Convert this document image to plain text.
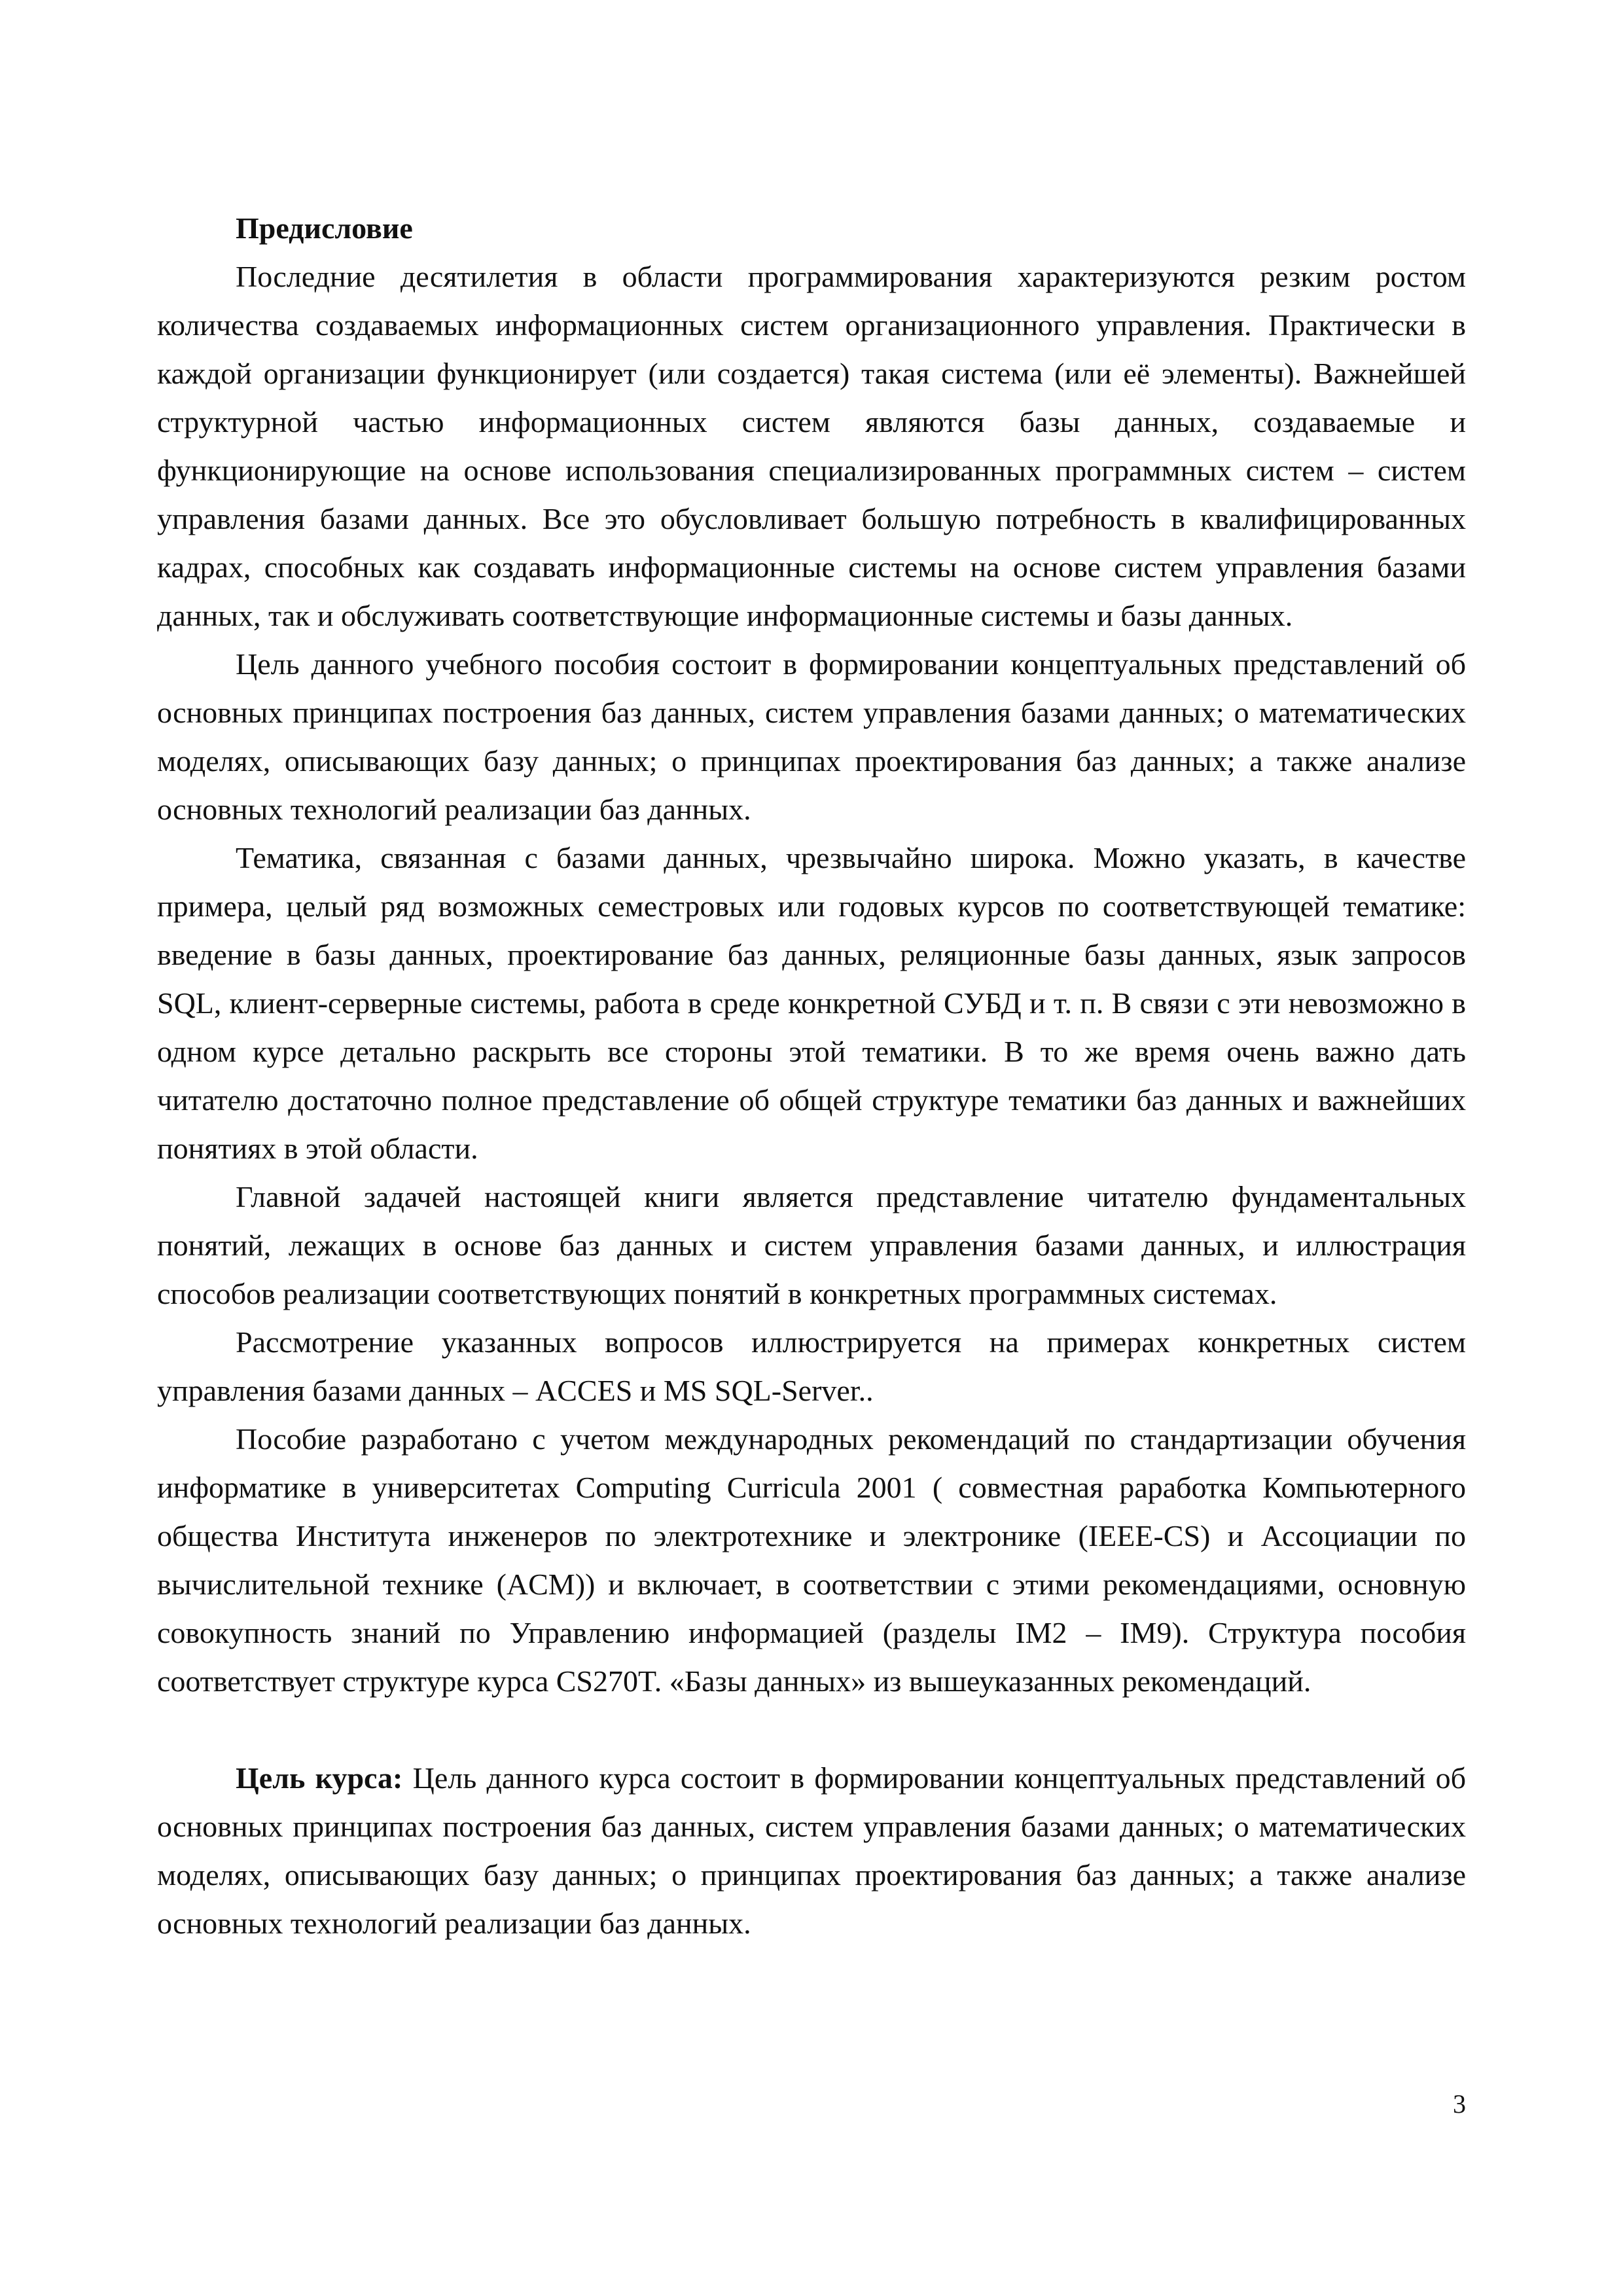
Предисловие

Последние десятилетия в области программирования характеризуются резким ростом количества создаваемых информационных систем организационного управления. Практически в каждой организации функционирует (или создается) такая система (или её элементы). Важнейшей структурной частью информационных систем являются базы данных, создаваемые и функционирующие на основе использования специализированных программных систем – систем управления базами данных. Все это обусловливает большую потребность в квалифицированных кадрах, способных как создавать информационные системы на основе систем управления базами данных, так и обслуживать соответствующие информационные системы и базы данных.

Цель данного учебного пособия состоит в формировании концептуальных представлений об основных принципах построения баз данных, систем управления базами данных; о математических моделях, описывающих базу данных; о принципах проектирования баз данных; а также анализе основных технологий реализации баз данных.

Тематика, связанная с базами данных, чрезвычайно широка. Можно указать, в качестве примера, целый ряд возможных семестровых или годовых курсов по соответствующей тематике: введение в базы данных, проектирование баз данных, реляционные базы данных, язык запросов SQL, клиент-серверные системы, работа в среде конкретной СУБД и т. п. В связи с эти невозможно в одном курсе детально раскрыть все стороны этой тематики. В то же время очень важно дать читателю достаточно полное представление об общей структуре тематики баз данных и важнейших понятиях в этой области.

Главной задачей настоящей книги является представление читателю фундаментальных понятий, лежащих в основе баз данных и систем управления базами данных, и иллюстрация способов реализации соответствующих понятий в конкретных программных системах.

Рассмотрение указанных вопросов иллюстрируется на примерах конкретных систем управления базами данных – ACCES и MS SQL-Server..

Пособие разработано с учетом международных рекомендаций по стандартизации обучения информатике в университетах Computing Curricula 2001 ( совместная раработка Компьютерного общества Института инженеров по электротехнике и электронике (IEEE-CS) и Ассоциации по вычислительной технике (ACM)) и включает, в соответствии с этими рекомендациями, основную совокупность знаний по Управлению информацией (разделы IM2 – IM9). Структура пособия соответствует структуре курса CS270T. «Базы данных» из вышеуказанных рекомендаций.

Цель курса: Цель данного курса состоит в формировании концептуальных представлений об основных принципах построения баз данных, систем управления базами данных; о математических моделях, описывающих базу данных; о принципах проектирования баз данных; а также анализе основных технологий реализации баз данных.

3
